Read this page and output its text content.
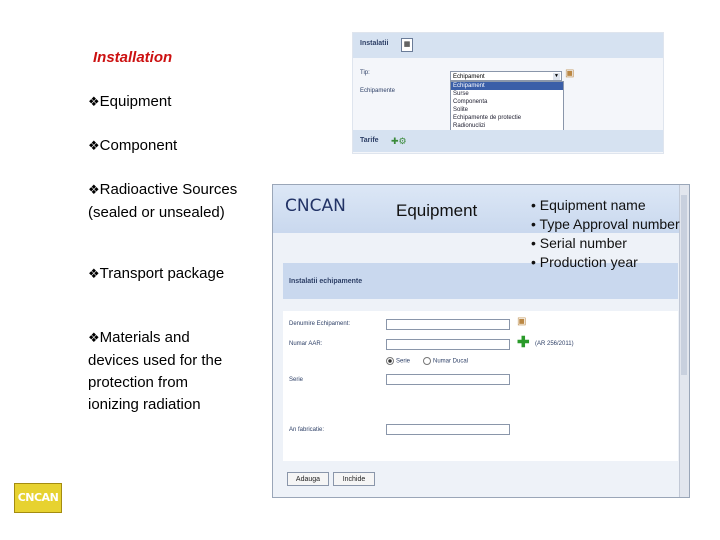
Installation
❖Equipment
❖Component
❖Radioactive Sources (sealed or unsealed)
❖Transport package
❖Materials and devices used for the protection from ionizing radiation
Instalatii	▦
Tip:
Echipamente
Echipament	▼ ▣
Echipament
Surse
Componenta
Solite
Echipamente de protectie
Radionuclizi
Tarife ✚⚙
CNCAN
Instalatii echipamente
Denumire Echipament:
Numar AAR:
Serie	Numar Ducal
Serie
An fabricatie:
▣
✚ (AR 256/2011)
Adauga	Inchide
Equipment	• Equipment name
• Type Approval number
• Serial number
• Production year
CNCAN
